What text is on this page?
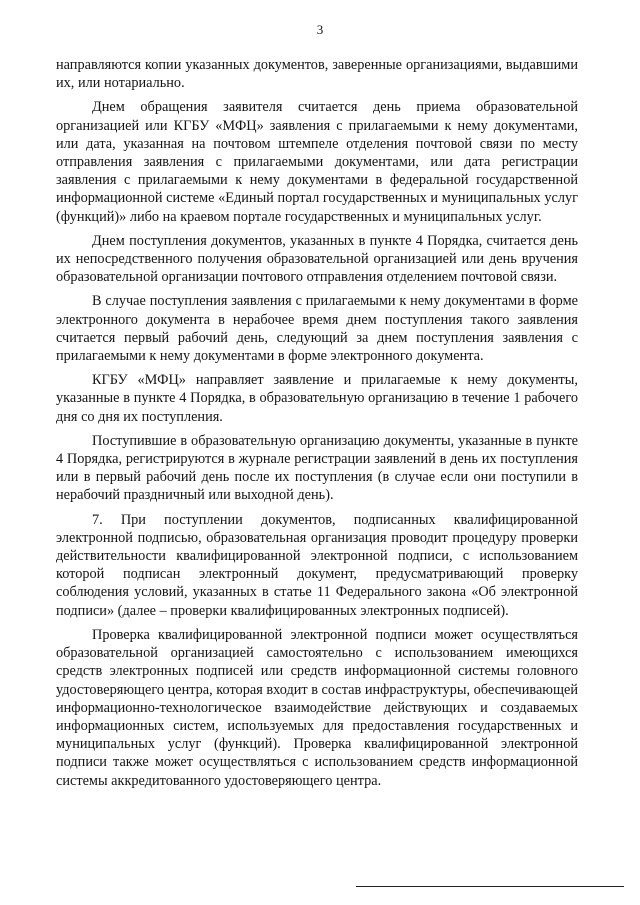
3

направляются копии указанных документов, заверенные организациями, выдавшими их, или нотариально.

Днем обращения заявителя считается день приема образовательной организацией или КГБУ «МФЦ» заявления с прилагаемыми к нему документами, или дата, указанная на почтовом штемпеле отделения почтовой связи по месту отправления заявления с прилагаемыми документами, или дата регистрации заявления с прилагаемыми к нему документами в федеральной государственной информационной системе «Единый портал государственных и муниципальных услуг (функций)» либо на краевом портале государственных и муниципальных услуг.

Днем поступления документов, указанных в пункте 4 Порядка, считается день их непосредственного получения образовательной организацией или день вручения образовательной организации почтового отправления отделением почтовой связи.

В случае поступления заявления с прилагаемыми к нему документами в форме электронного документа в нерабочее время днем поступления такого заявления считается первый рабочий день, следующий за днем поступления заявления с прилагаемыми к нему документами в форме электронного документа.

КГБУ «МФЦ» направляет заявление и прилагаемые к нему документы, указанные в пункте 4 Порядка, в образовательную организацию в течение 1 рабочего дня со дня их поступления.

Поступившие в образовательную организацию документы, указанные в пункте 4 Порядка, регистрируются в журнале регистрации заявлений в день их поступления или в первый рабочий день после их поступления (в случае если они поступили в нерабочий праздничный или выходной день).

7. При поступлении документов, подписанных квалифицированной электронной подписью, образовательная организация проводит процедуру проверки действительности квалифицированной электронной подписи, с использованием которой подписан электронный документ, предусматривающий проверку соблюдения условий, указанных в статье 11 Федерального закона «Об электронной подписи» (далее – проверки квалифицированных электронных подписей).

Проверка квалифицированной электронной подписи может осуществляться образовательной организацией самостоятельно с использованием имеющихся средств электронных подписей или средств информационной системы головного удостоверяющего центра, которая входит в состав инфраструктуры, обеспечивающей информационно-технологическое взаимодействие действующих и создаваемых информационных систем, используемых для предоставления государственных и муниципальных услуг (функций). Проверка квалифицированной электронной подписи также может осуществляться с использованием средств информационной системы аккредитованного удостоверяющего центра.
